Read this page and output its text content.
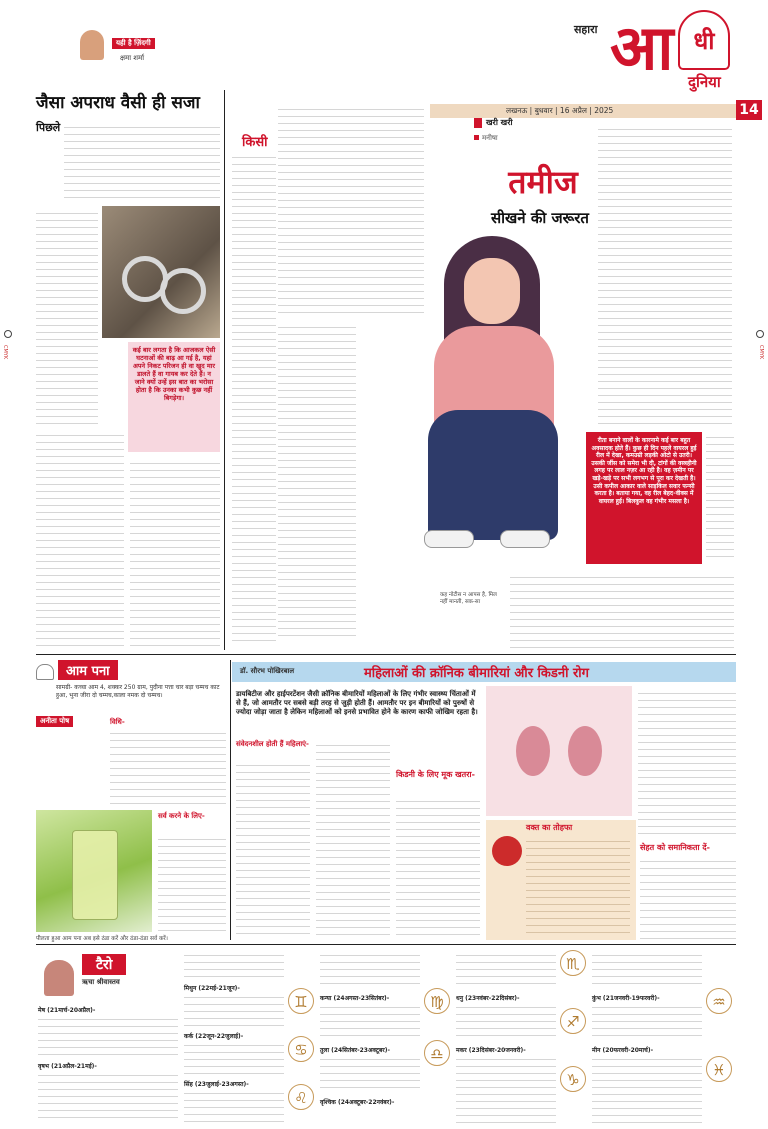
CMYK	CMYK
सहारा आ धी
दुनिया
लखनऊ | बुधवार | 16 अप्रैल | 2025	14
यही है ज़िंदगी
क्षमा शर्मा
जैसा अपराध वैसी ही सजा
पिछले
कई बार लगता है कि आजकल ऐसी घटनाओं की बाढ़ आ गई है, यहां अपने निकट परिजन ही वा खुद मार डालते हैं वा गायब कर देते हैं। न जाने क्यों उन्हें इस बात का भरोसा होता है कि उनका कभी कुछ नहीं बिगड़ेगा।
किसी
खरी खरी
मनीषा
तमीज
सीखने की जरूरत
कह नोटीस न आपस है, मिल नहीं मानती, सक-सा
रीता बनाने वालों के कारनामे कई बार बहुत अवसादक होते हैं। कुछ ही दिन पहले वायरल हुई रील में देखा, कमउम्री लड़की ओटो से उतरी। उसकी जींस को समेरा भी दी, टांगों की वस्त्रहीनी लगह पर लाल नज़र आ रही है। वह ज़मीन पर खड़े-खड़े पर सभी लगभग से पूरा कर देखती है। उसी कपील आकार वाले साइकिल सवार फन्सी करता है। बताया गया, वह रील बेहद-वीक्स में वायरल हुई। बिलकुल वह गंभीर मसला है।
आम पना
सामग्री- कच्चा आम 4, शक्कर 250 ग्राम, पुदीना पत्ता चार बड़ा चम्मच काट हुआ, भुना जीरा दो चम्मच,काला नमक दो चम्मच।
अनीता पोष	विधि-
सर्व करने के लिए-
पीलता हुआ आम पना अब इसे ठंडा करें और ठंडा-ठंडा सर्व करें।
डॉ. सौरभ पोखिरबाल	महिलाओं की क्रॉनिक बीमारियां और किडनी रोग
डायबिटीज और हाईपरटेंशन जैसी क्रॉनिक बीमारियों महिलाओं के लिए गंभीर स्वास्थ्य चिंताओं में से हैं, जो आमतौर पर सबसे बड़ी तरह से जुड़ी होती हैं। आमतौर पर इन बीमारियों को पुरुषों से ज्योदा जोड़ा जाता है लेकिन महिलाओं को इनसे प्रभावित होने के कारण काफी जोखिम रहता है।
संवेदनशील होती हैं महिलाएं-
किडनी के लिए मूक खतरा-
वक्त का तोहफा
सेहत को समानिकता दें-
टैरो
ऋचा श्रीवास्तव
मेष (21मार्च-20अप्रैल)-
वृषभ (21अप्रैल-21मई)-
मिथुन (22मई-21जून)-
कर्क (22जून-22जुलाई)-
सिंह (23जुलाई-23अगस्त)-
♊
♋
♌
कन्या (24अगस्त-23सितंबर)-
तुला (24सितंबर-23अक्टूबर)-
वृश्चिक (24अक्टूबर-22नवंबर)-
♍
♎
धनु (23नवंबर-22दिसंबर)-
मकर (23दिसंबर-20जनवरी)-
♏
♐
♑
कुंभ (21जनवरी-19फरवरी)-
मीन (20फरवरी-20मार्च)-
♒
♓
